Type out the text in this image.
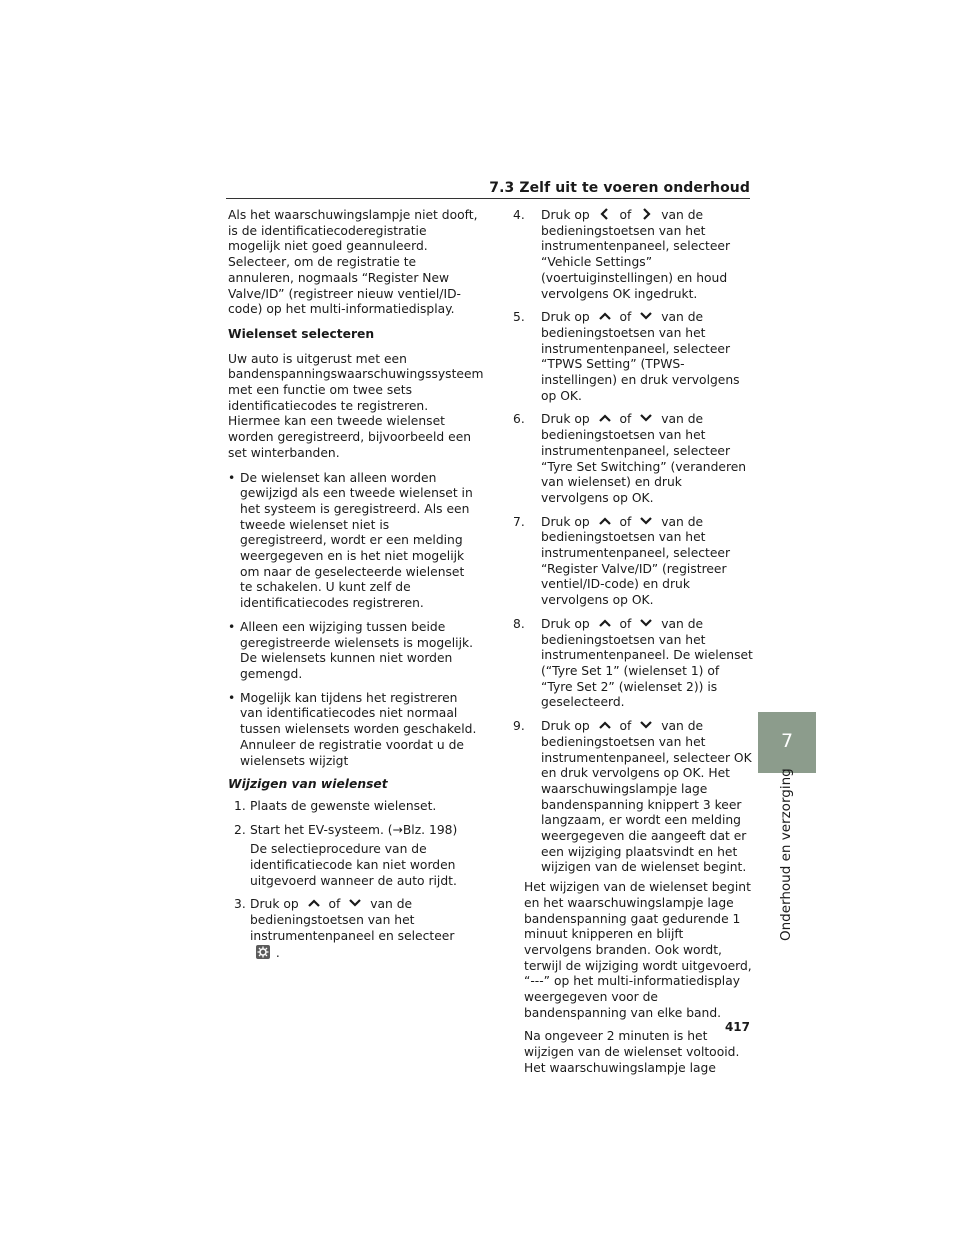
7.3 Zelf uit te voeren onderhoud

Als het waarschuwingslampje niet dooft, is de identificatiecoderegistratie mogelijk niet goed geannuleerd. Selecteer, om de registratie te annuleren, nogmaals “Register New Valve/ID” (registreer nieuw ventiel/ID-code) op het multi-informatiedisplay.

Wielenset selecteren

Uw auto is uitgerust met een bandenspanningswaarschuwingssysteem met een functie om twee sets identificatiecodes te registreren. Hiermee kan een tweede wielenset worden geregistreerd, bijvoorbeeld een set winterbanden.

• De wielenset kan alleen worden gewijzigd als een tweede wielenset in het systeem is geregistreerd. Als een tweede wielenset niet is geregistreerd, wordt er een melding weergegeven en is het niet mogelijk om naar de geselecteerde wielenset te schakelen. U kunt zelf de identificatiecodes registreren.
• Alleen een wijziging tussen beide geregistreerde wielensets is mogelijk. De wielensets kunnen niet worden gemengd.
• Mogelijk kan tijdens het registreren van identificatiecodes niet normaal tussen wielensets worden geschakeld. Annuleer de registratie voordat u de wielensets wijzigt
Wijzigen van wielenset
1. Plaats de gewenste wielenset.
2. Start het EV-systeem. (→Blz. 198)
De selectieprocedure van de identificatiecode kan niet worden uitgevoerd wanneer de auto rijdt.
3. Druk op of van de bedieningstoetsen van het instrumentenpaneel en selecteer
.
4. Druk op of van de bedieningstoetsen van het instrumentenpaneel, selecteer “Vehicle Settings” (voertuiginstellingen) en houd vervolgens OK ingedrukt.
5. Druk op of van de bedieningstoetsen van het instrumentenpaneel, selecteer “TPWS Setting” (TPWS-instellingen) en druk vervolgens op OK.
6. Druk op of van de bedieningstoetsen van het instrumentenpaneel, selecteer “Tyre Set Switching” (veranderen van wielenset) en druk vervolgens op OK.
7. Druk op of van de bedieningstoetsen van het instrumentenpaneel, selecteer “Register Valve/ID” (registreer ventiel/ID-code) en druk vervolgens op OK.
8. Druk op of van de bedieningstoetsen van het instrumentenpaneel. De wielenset (“Tyre Set 1” (wielenset 1) of “Tyre Set 2” (wielenset 2)) is geselecteerd.
9. Druk op of van de bedieningstoetsen van het instrumentenpaneel, selecteer OK en druk vervolgens op OK. Het waarschuwingslampje lage bandenspanning knippert 3 keer langzaam, er wordt een melding weergegeven die aangeeft dat er een wijziging plaatsvindt en het wijzigen van de wielenset begint.
Het wijzigen van de wielenset begint en het waarschuwingslampje lage bandenspanning gaat gedurende 1 minuut knipperen en blijft vervolgens branden. Ook wordt, terwijl de wijziging wordt uitgevoerd, “---” op het multi-informatiedisplay weergegeven voor de bandenspanning van elke band.
Na ongeveer 2 minuten is het wijzigen van de wielenset voltooid. Het waarschuwingslampje lage
7
Onderhoud en verzorging
417
